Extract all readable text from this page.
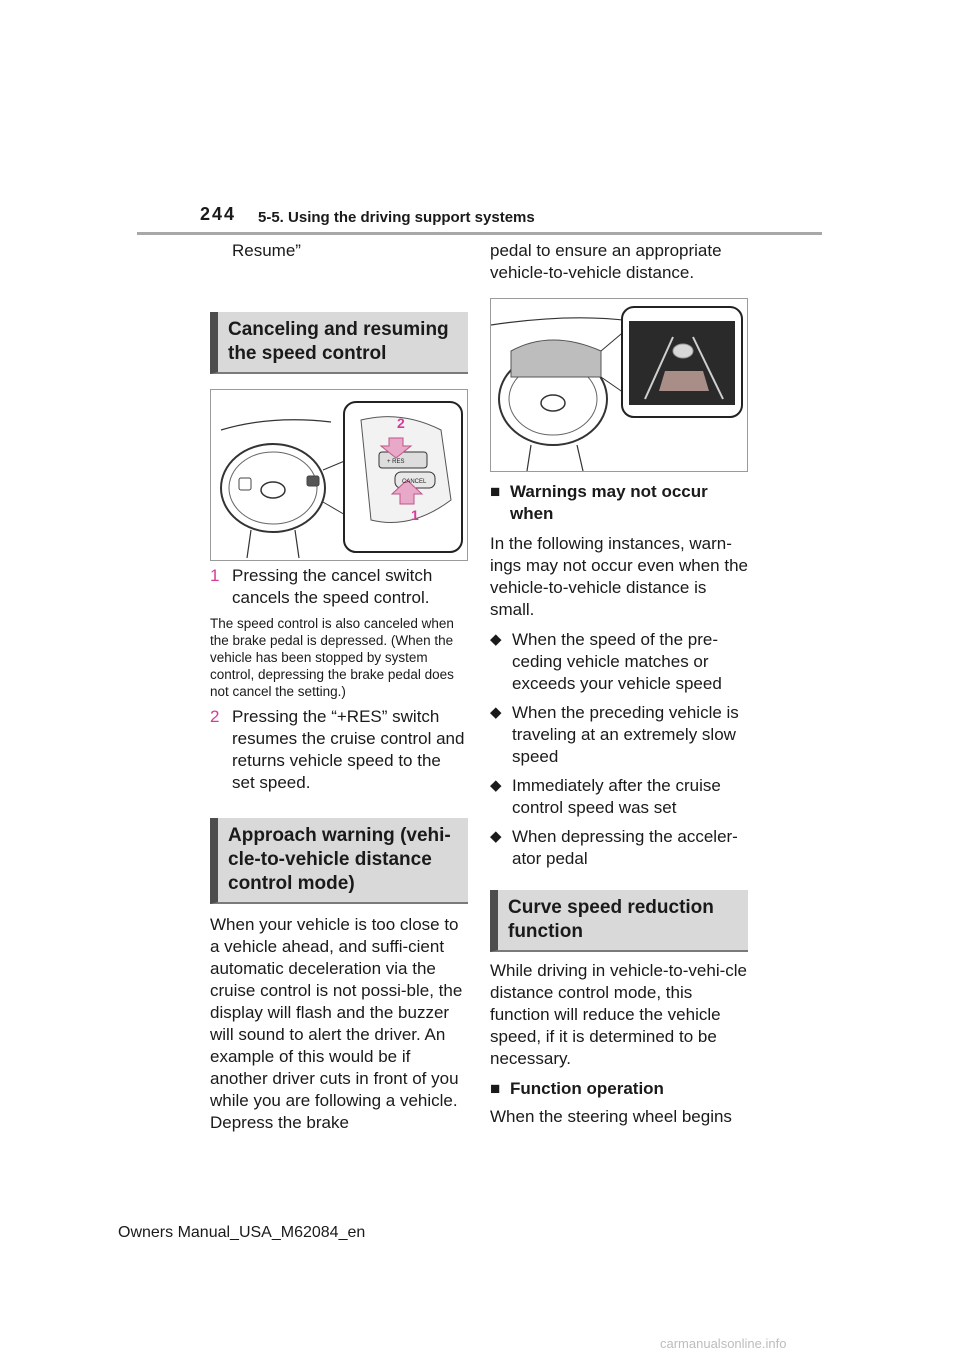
244 5-5. Using the driving support systems

Resume”

Canceling and resuming the speed control
2
1
+ RES
CANCEL
1 Pressing the cancel switch cancels the speed control.

The speed control is also canceled when the brake pedal is depressed. (When the vehicle has been stopped by system control, depressing the brake pedal does not cancel the setting.)

2 Pressing the “+RES” switch resumes the cruise control and returns vehicle speed to the set speed.
Approach warning (vehi-cle-to-vehicle distance control mode)

When your vehicle is too close to a vehicle ahead, and suffi-cient automatic deceleration via the cruise control is not possi-ble, the display will flash and the buzzer will sound to alert the driver. An example of this would be if another driver cuts in front of you while you are following a vehicle. Depress the brake

pedal to ensure an appropriate vehicle-to-vehicle distance.

■ Warnings may not occur when

In the following instances, warn-ings may not occur even when the vehicle-to-vehicle distance is small.

◆ When the speed of the pre-ceding vehicle matches or exceeds your vehicle speed
◆ When the preceding vehicle is traveling at an extremely slow speed
◆ Immediately after the cruise control speed was set
◆ When depressing the acceler-ator pedal
Curve speed reduction function

While driving in vehicle-to-vehi-cle distance control mode, this function will reduce the vehicle speed, if it is determined to be necessary.

■ Function operation

When the steering wheel begins

Owners Manual_USA_M62084_en
carmanualsonline.info
